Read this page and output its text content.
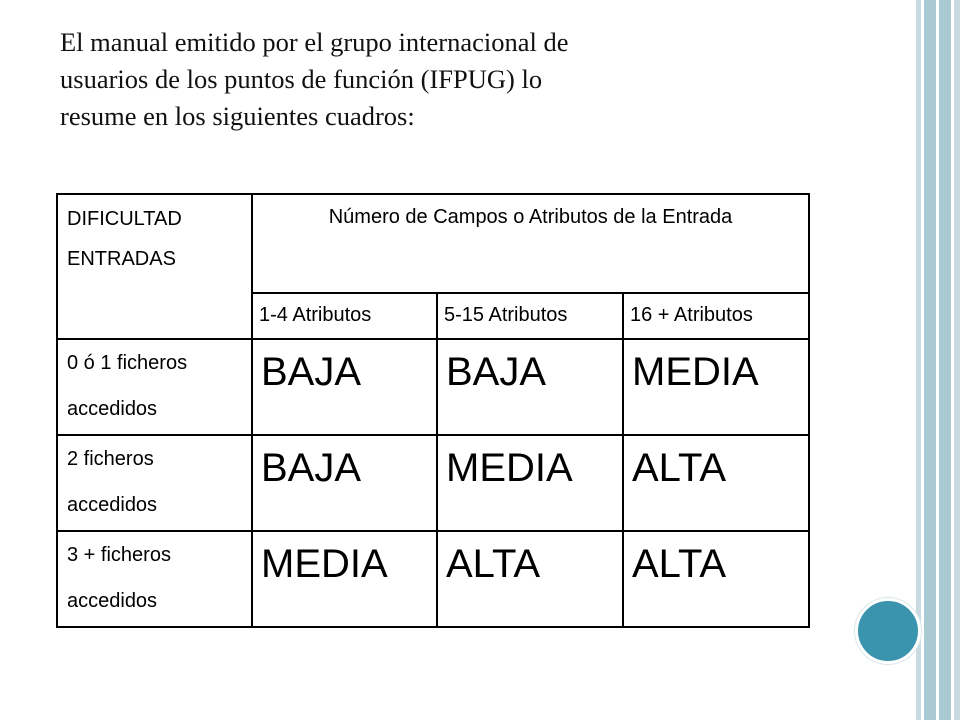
El manual emitido por el grupo internacional de
usuarios de los puntos de función (IFPUG) lo
resume en los siguientes cuadros:
DIFICULTAD
ENTRADAS	Número de Campos o Atributos de la Entrada		

	1-4 Atributos	5-15 Atributos	16 + Atributos

0 ó 1 ficheros
accedidos	BAJA	BAJA	MEDIA

2 ficheros
accedidos	BAJA	MEDIA	ALTA

3 + ficheros
accedidos	MEDIA	ALTA	ALTA
